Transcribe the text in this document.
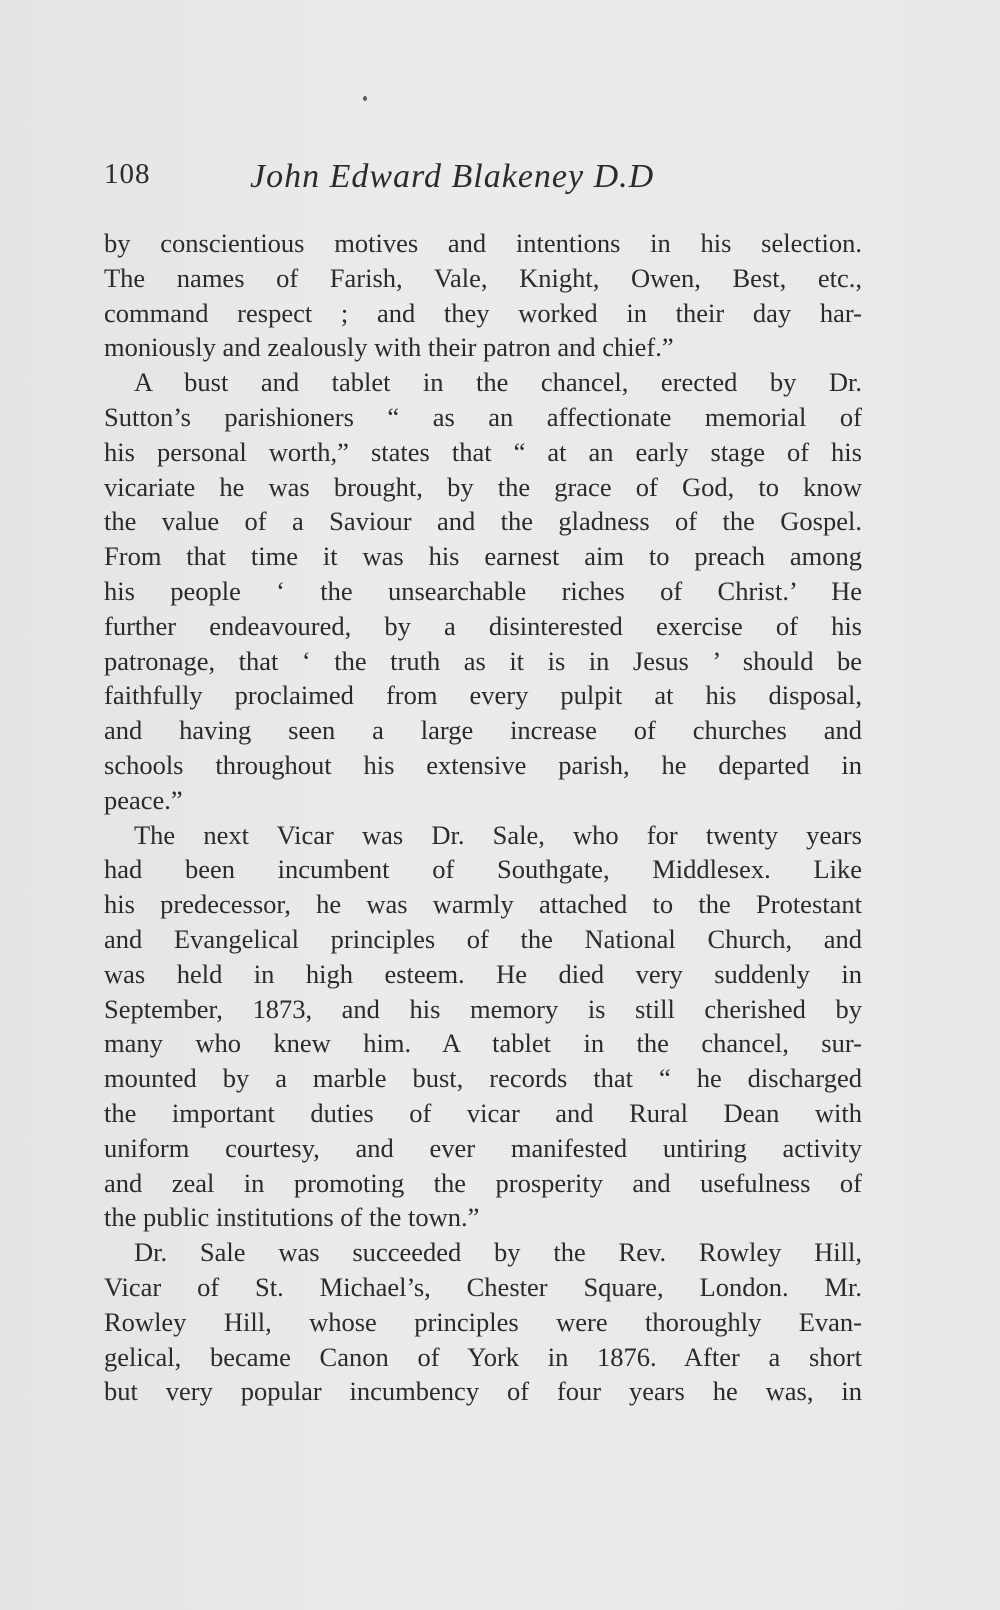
108	John Edward Blakeney D.D
by conscientious motives and intentions in his selection.
The names of Farish, Vale, Knight, Owen, Best, etc.,
command respect ; and they worked in their day har-
moniously and zealously with their patron and chief.”
A bust and tablet in the chancel, erected by Dr.
Sutton’s parishioners “ as an affectionate memorial of
his personal worth,” states that “ at an early stage of his
vicariate he was brought, by the grace of God, to know
the value of a Saviour and the gladness of the Gospel.
From that time it was his earnest aim to preach among
his people ‘ the unsearchable riches of Christ.’ He
further endeavoured, by a disinterested exercise of his
patronage, that ‘ the truth as it is in Jesus ’ should be
faithfully proclaimed from every pulpit at his disposal,
and having seen a large increase of churches and
schools throughout his extensive parish, he departed in
peace.”
The next Vicar was Dr. Sale, who for twenty years
had been incumbent of Southgate, Middlesex. Like
his predecessor, he was warmly attached to the Protestant
and Evangelical principles of the National Church, and
was held in high esteem. He died very suddenly in
September, 1873, and his memory is still cherished by
many who knew him. A tablet in the chancel, sur-
mounted by a marble bust, records that “ he discharged
the important duties of vicar and Rural Dean with
uniform courtesy, and ever manifested untiring activity
and zeal in promoting the prosperity and usefulness of
the public institutions of the town.”
Dr. Sale was succeeded by the Rev. Rowley Hill,
Vicar of St. Michael’s, Chester Square, London. Mr.
Rowley Hill, whose principles were thoroughly Evan-
gelical, became Canon of York in 1876. After a short
but very popular incumbency of four years he was, in
